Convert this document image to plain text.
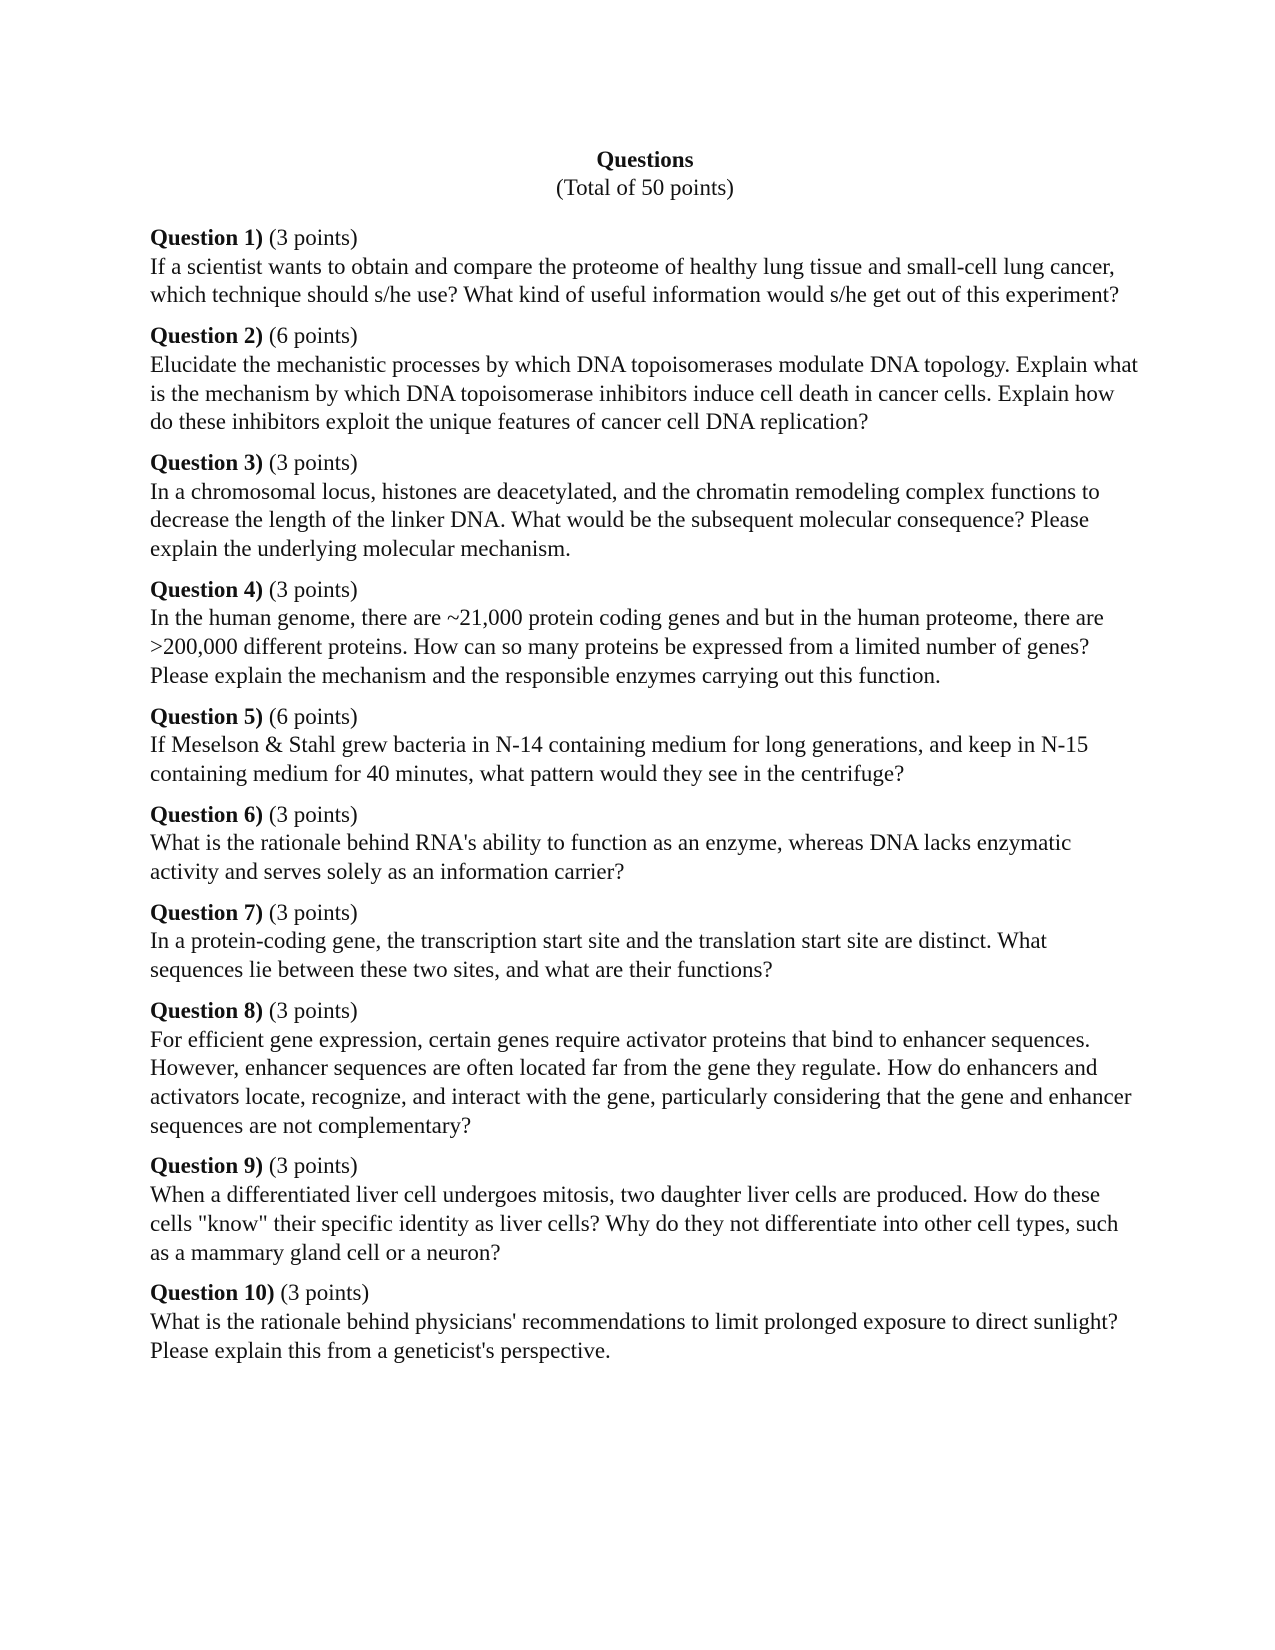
Questions
(Total of 50 points)
Question 1) (3 points)
If a scientist wants to obtain and compare the proteome of healthy lung tissue and small-cell lung cancer, which technique should s/he use? What kind of useful information would s/he get out of this experiment?
Question 2) (6 points)
Elucidate the mechanistic processes by which DNA topoisomerases modulate DNA topology. Explain what is the mechanism by which DNA topoisomerase inhibitors induce cell death in cancer cells. Explain how do these inhibitors exploit the unique features of cancer cell DNA replication?
Question 3) (3 points)
In a chromosomal locus, histones are deacetylated, and the chromatin remodeling complex functions to decrease the length of the linker DNA. What would be the subsequent molecular consequence? Please explain the underlying molecular mechanism.
Question 4) (3 points)
In the human genome, there are ~21,000 protein coding genes and but in the human proteome, there are >200,000 different proteins. How can so many proteins be expressed from a limited number of genes? Please explain the mechanism and the responsible enzymes carrying out this function.
Question 5) (6 points)
If Meselson & Stahl grew bacteria in N-14 containing medium for long generations, and keep in N-15 containing medium for 40 minutes, what pattern would they see in the centrifuge?
Question 6) (3 points)
What is the rationale behind RNA's ability to function as an enzyme, whereas DNA lacks enzymatic activity and serves solely as an information carrier?
Question 7) (3 points)
In a protein-coding gene, the transcription start site and the translation start site are distinct. What sequences lie between these two sites, and what are their functions?
Question 8) (3 points)
For efficient gene expression, certain genes require activator proteins that bind to enhancer sequences. However, enhancer sequences are often located far from the gene they regulate. How do enhancers and activators locate, recognize, and interact with the gene, particularly considering that the gene and enhancer sequences are not complementary?
Question 9) (3 points)
When a differentiated liver cell undergoes mitosis, two daughter liver cells are produced. How do these cells "know" their specific identity as liver cells? Why do they not differentiate into other cell types, such as a mammary gland cell or a neuron?
Question 10) (3 points)
What is the rationale behind physicians' recommendations to limit prolonged exposure to direct sunlight? Please explain this from a geneticist's perspective.
